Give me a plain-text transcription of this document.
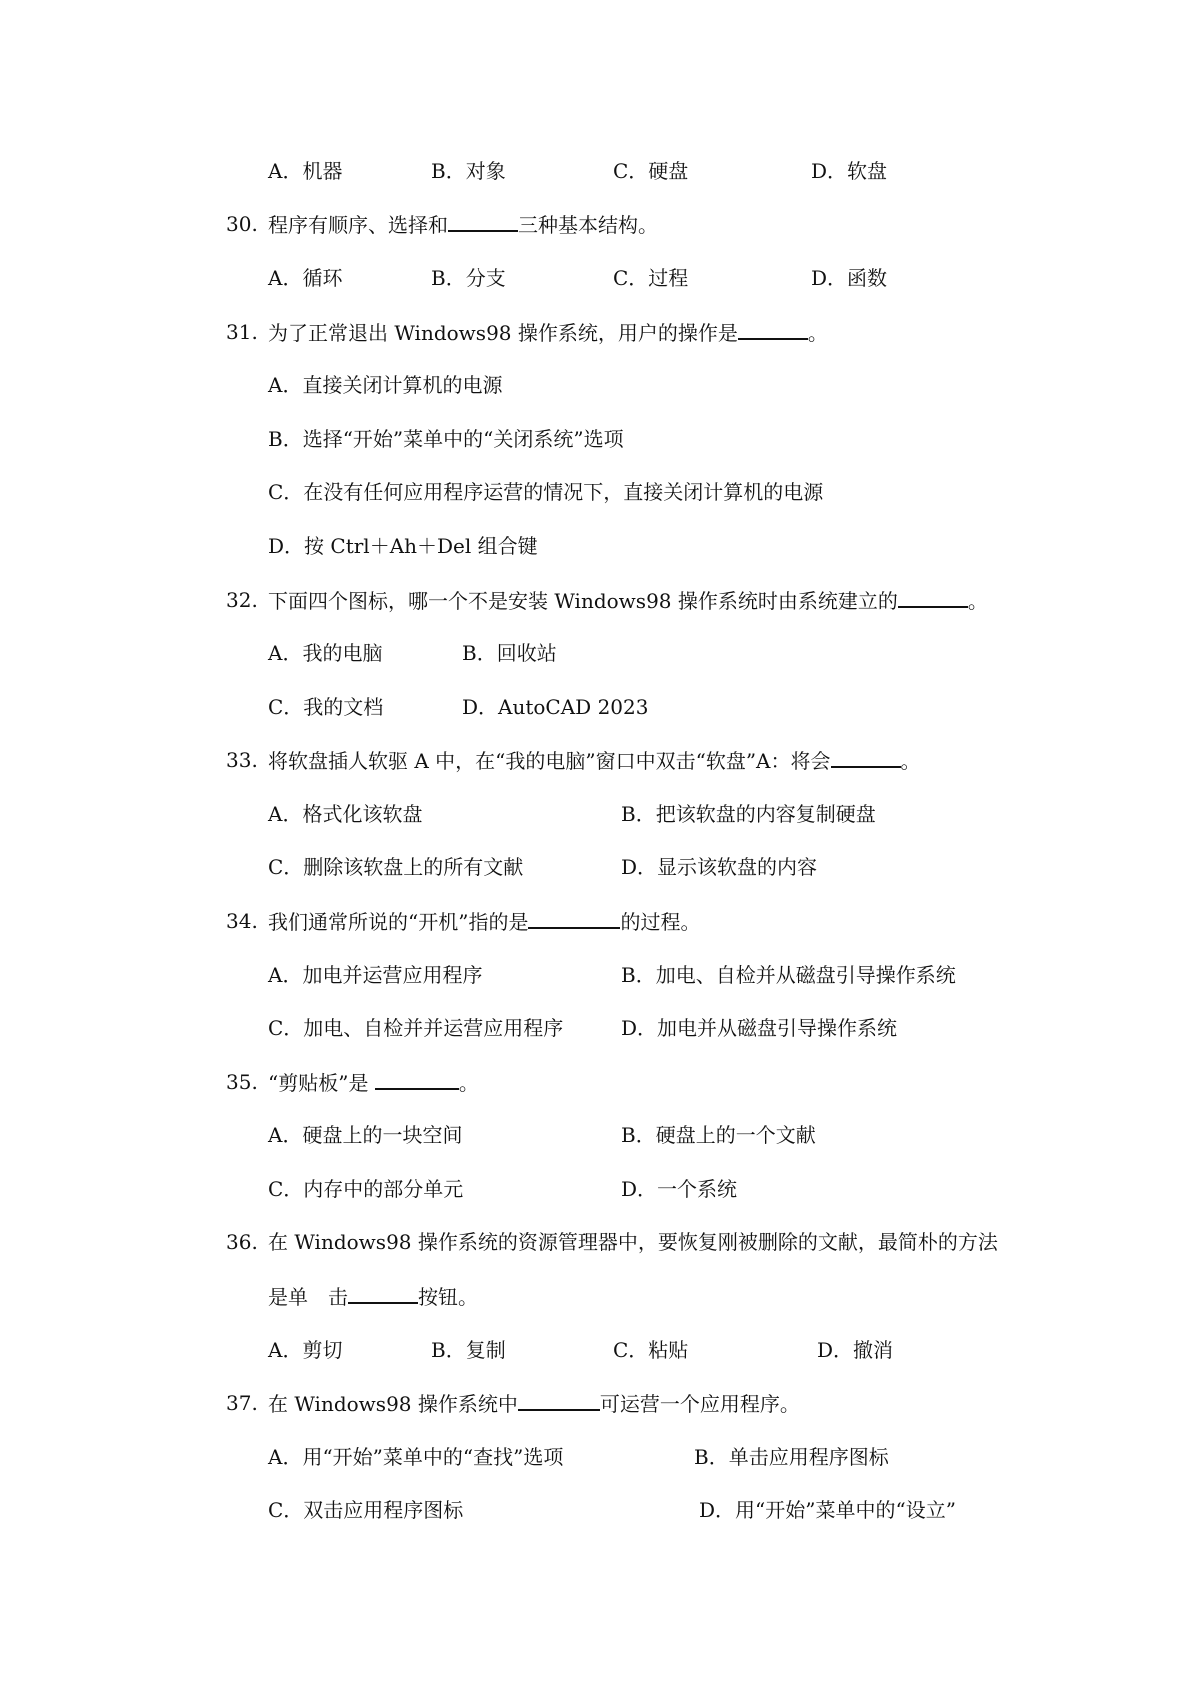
A．机器	B．对象	C．硬盘	D．软盘
30. 程序有顺序、选择和	三种基本结构。
A．循环	B．分支	C．过程	D．函数
31. 为了正常退出 Windows98 操作系统，用户的操作是	。
A．直接关闭计算机的电源
B．选择“开始”菜单中的“关闭系统”选项
C．在没有任何应用程序运营的情况下，直接关闭计算机的电源
D．按 Ctrl＋Ah＋Del 组合键
32. 下面四个图标，哪一个不是安装 Windows98 操作系统时由系统建立的	。
A．我的电脑	B．回收站
C．我的文档	D．AutoCAD 2023
33. 将软盘插人软驱 A 中，在“我的电脑”窗口中双击“软盘”A：将会	。
A．格式化该软盘	B．把该软盘的内容复制硬盘
C．删除该软盘上的所有文献	D．显示该软盘的内容
34. 我们通常所说的“开机”指的是	的过程。
A．加电并运营应用程序	B．加电、自检并从磁盘引导操作系统
C．加电、自检并并运营应用程序	D．加电并从磁盘引导操作系统
35. “剪贴板”是	。
A．硬盘上的一块空间	B．硬盘上的一个文献
C．内存中的部分单元	D．一个系统
36. 在 Windows98 操作系统的资源管理器中，要恢复刚被删除的文献，最简朴的方法
是单　击	按钮。
A．剪切	B．复制	C．粘贴	D．撤消
37. 在 Windows98 操作系统中	可运营一个应用程序。
A．用“开始”菜单中的“查找”选项	B．单击应用程序图标
C．双击应用程序图标	D．用“开始”菜单中的“设立”
